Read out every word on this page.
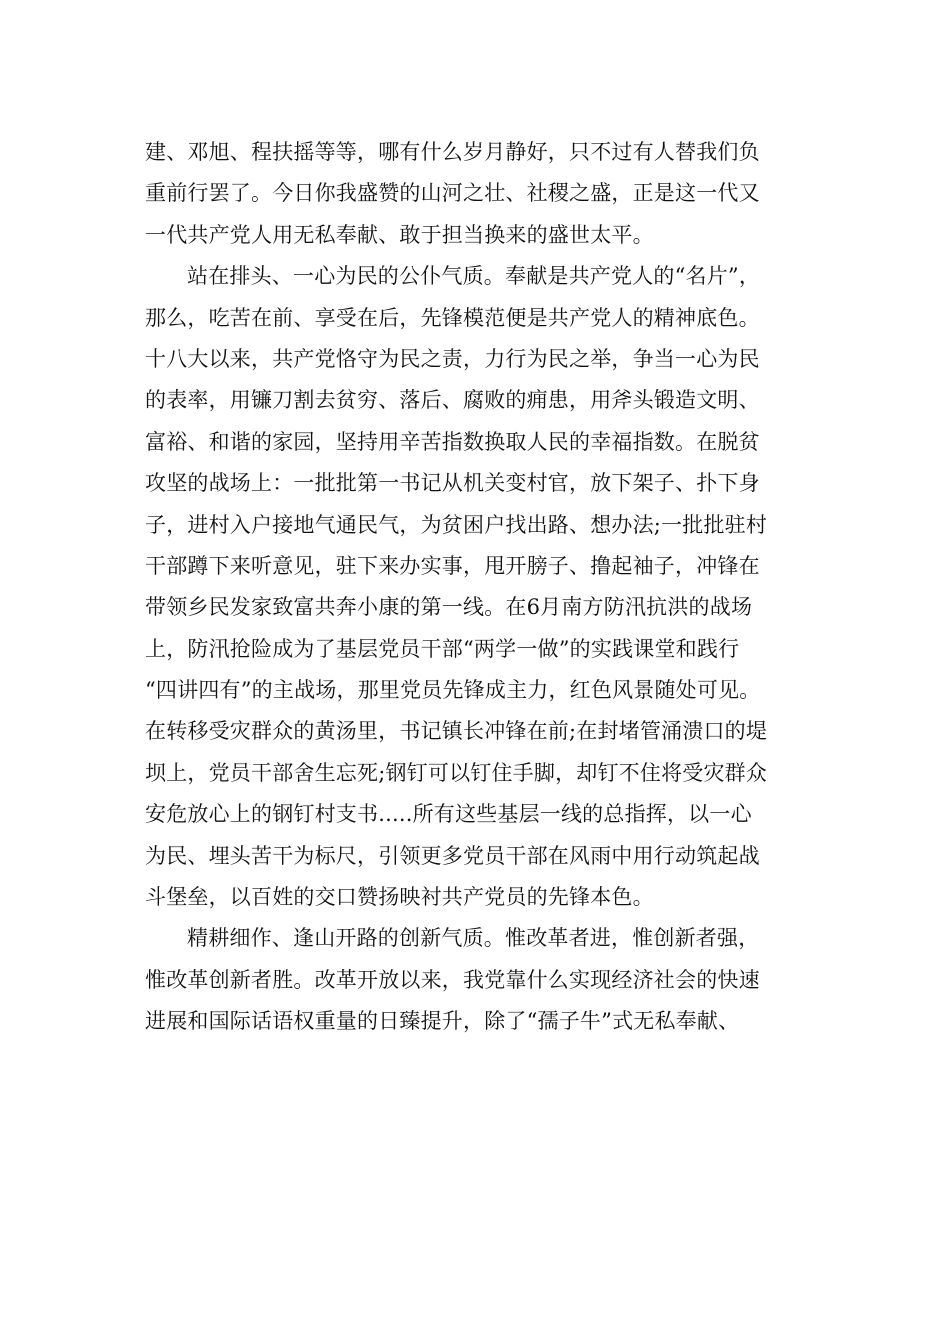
建、邓旭、程扶摇等等，哪有什么岁月静好，只不过有人替我们负
重前行罢了。今日你我盛赞的山河之壮、社稷之盛，正是这一代又
一代共产党人用无私奉献、敢于担当换来的盛世太平。

站在排头、一心为民的公仆气质。奉献是共产党人的“名片”，
那么，吃苦在前、享受在后，先锋模范便是共产党人的精神底色。
十八大以来，共产党恪守为民之责，力行为民之举，争当一心为民
的表率，用镰刀割去贫穷、落后、腐败的痈患，用斧头锻造文明、
富裕、和谐的家园，坚持用辛苦指数换取人民的幸福指数。在脱贫
攻坚的战场上：一批批第一书记从机关变村官，放下架子、扑下身
子，进村入户接地气通民气，为贫困户找出路、想办法;一批批驻村
干部蹲下来听意见，驻下来办实事，甩开膀子、撸起袖子，冲锋在
带领乡民发家致富共奔小康的第一线。在6月南方防汛抗洪的战场
上，防汛抢险成为了基层党员干部“两学一做”的实践课堂和践行
“四讲四有”的主战场，那里党员先锋成主力，红色风景随处可见。
在转移受灾群众的黄汤里，书记镇长冲锋在前;在封堵管涌溃口的堤
坝上，党员干部舍生忘死;钢钉可以钉住手脚，却钉不住将受灾群众
安危放心上的钢钉村支书.....所有这些基层一线的总指挥，以一心
为民、埋头苦干为标尺，引领更多党员干部在风雨中用行动筑起战
斗堡垒，以百姓的交口赞扬映衬共产党员的先锋本色。

精耕细作、逢山开路的创新气质。惟改革者进，惟创新者强，
惟改革创新者胜。改革开放以来，我党靠什么实现经济社会的快速
进展和国际话语权重量的日臻提升，除了“孺子牛”式无私奉献、
